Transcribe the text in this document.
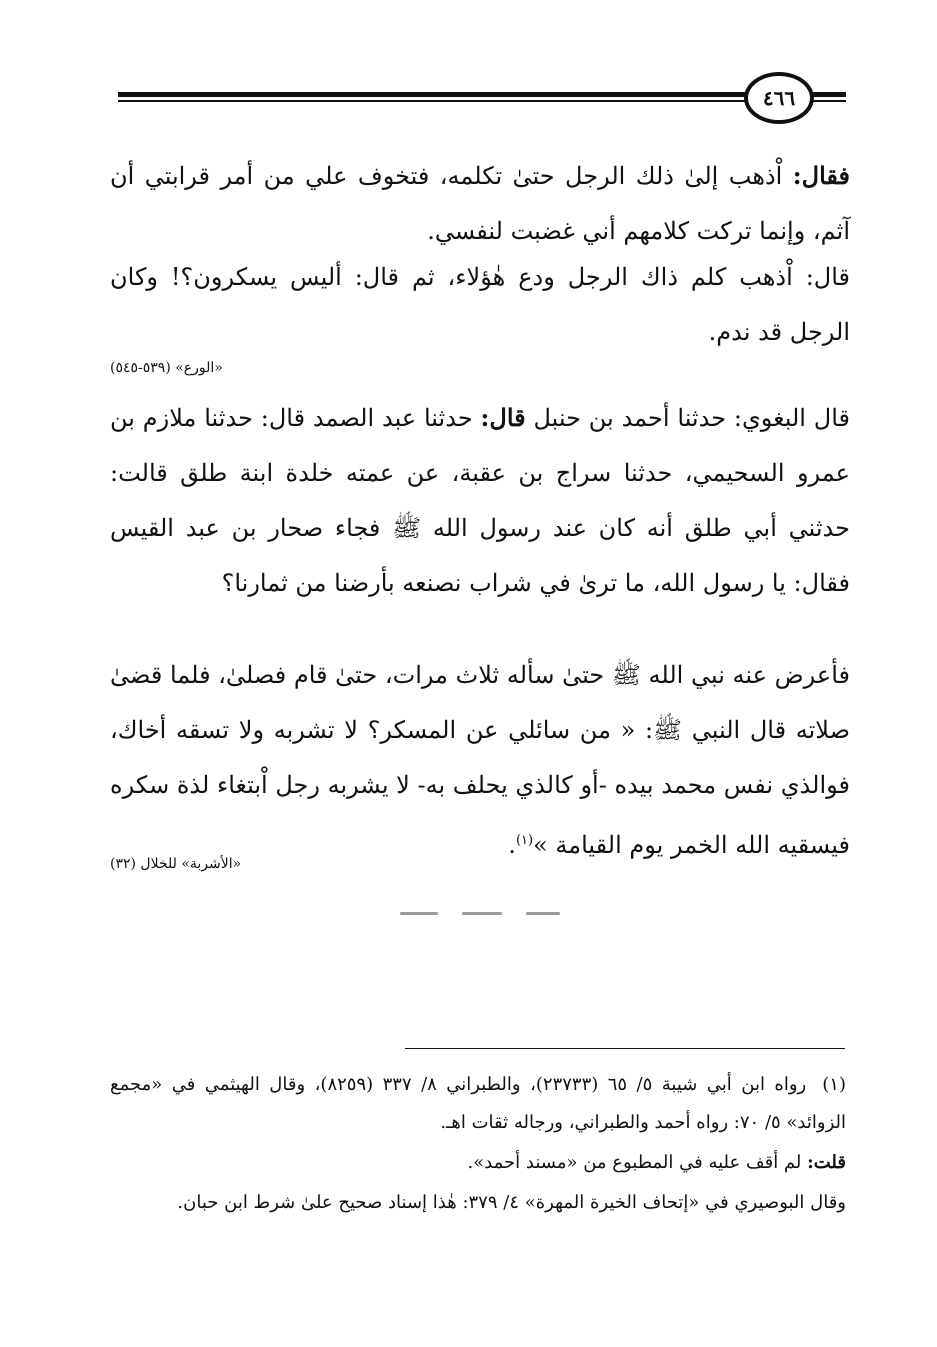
٤٦٦

فقال: اْذهب إلىٰ ذلك الرجل حتىٰ تكلمه، فتخوف علي من أمر قرابتي أن آثم، وإنما تركت كلامهم أني غضبت لنفسي.

قال: اْذهب كلم ذاك الرجل ودع هٰؤلاء، ثم قال: أليس يسكرون؟! وكان الرجل قد ندم.

«الورع» (٥٣٩-٥٤٥)

قال البغوي: حدثنا أحمد بن حنبل قال: حدثنا عبد الصمد قال: حدثنا ملازم بن عمرو السحيمي، حدثنا سراج بن عقبة، عن عمته خلدة ابنة طلق قالت: حدثني أبي طلق أنه كان عند رسول الله ﷺ فجاء صحار بن عبد القيس فقال: يا رسول الله، ما ترىٰ في شراب نصنعه بأرضنا من ثمارنا؟

فأعرض عنه نبي الله ﷺ حتىٰ سأله ثلاث مرات، حتىٰ قام فصلىٰ، فلما قضىٰ صلاته قال النبي ﷺ: « من سائلي عن المسكر؟ لا تشربه ولا تسقه أخاك، فوالذي نفس محمد بيده -أو كالذي يحلف به- لا يشربه رجل اْبتغاء لذة سكره فيسقيه الله الخمر يوم القيامة »$^{(١)}$.

«الأشربة» للخلال (٣٢)

(١)رواه ابن أبي شيبة ٥/ ٦٥ (٢٣٧٣٣)، والطبراني ٨/ ٣٣٧ (٨٢٥٩)، وقال الهيثمي في «مجمع الزوائد» ٥/ ٧٠: رواه أحمد والطبراني، ورجاله ثقات اهـ.

قلت: لم أقف عليه في المطبوع من «مسند أحمد».

وقال البوصيري في «إتحاف الخيرة المهرة» ٤/ ٣٧٩: هٰذا إسناد صحيح علىٰ شرط ابن حبان.
